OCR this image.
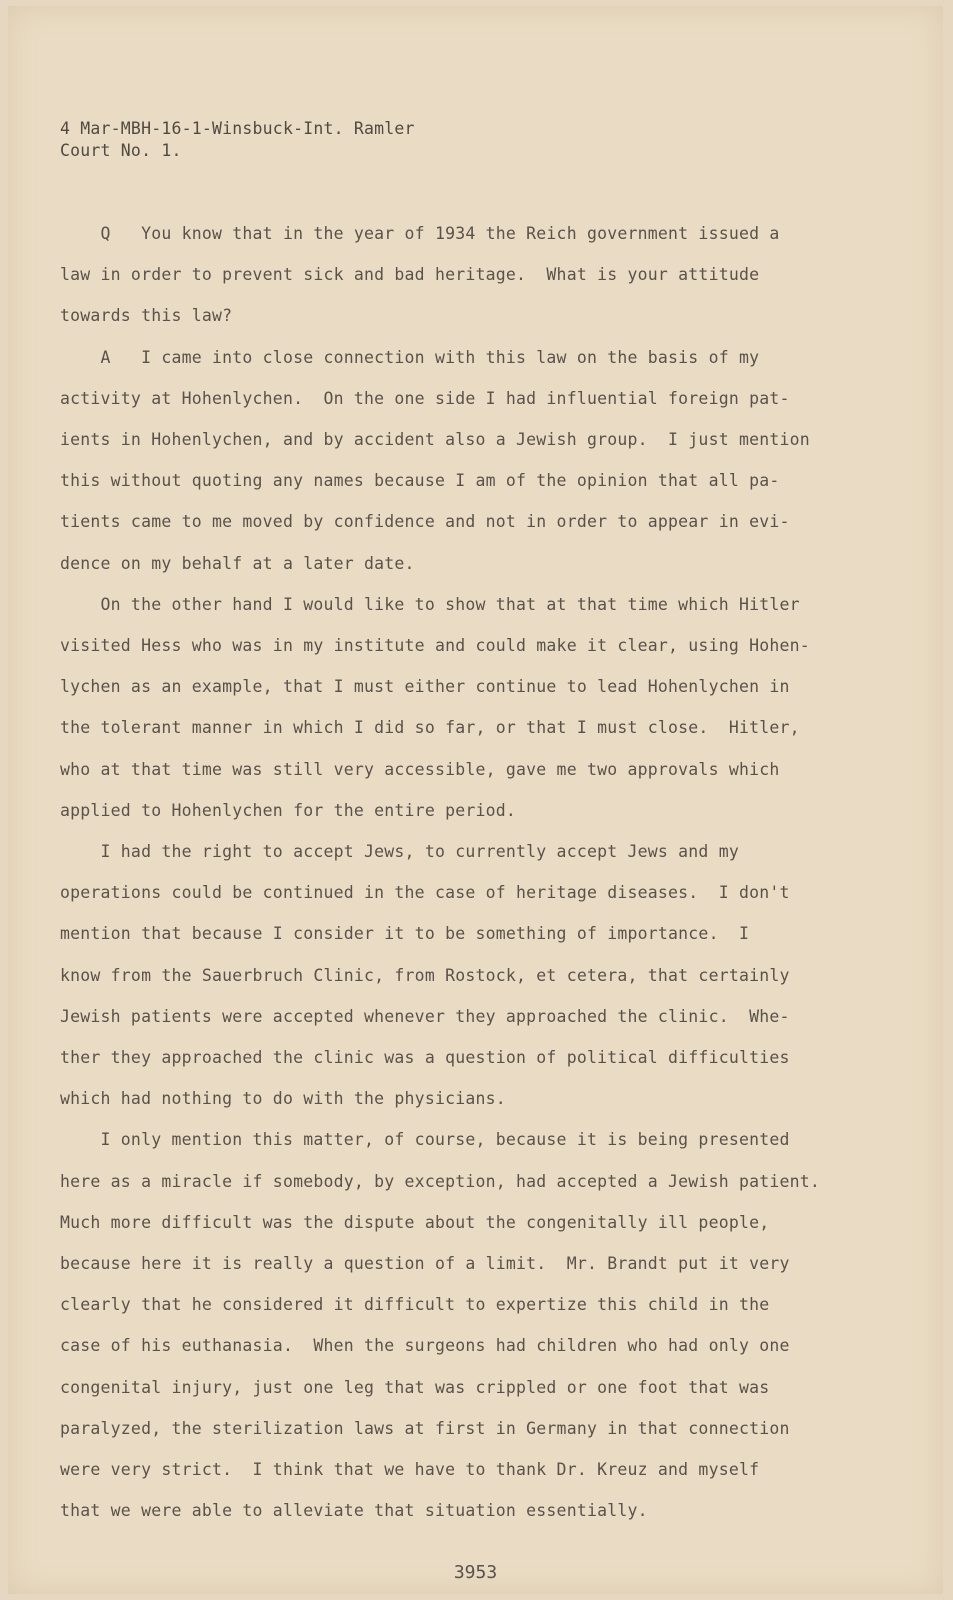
4 Mar-MBH-16-1-Winsbuck-Int. Ramler
Court No. 1.

Q   You know that in the year of 1934 the Reich government issued a

law in order to prevent sick and bad heritage.  What is your attitude

towards this law?

A   I came into close connection with this law on the basis of my

activity at Hohenlychen.  On the one side I had influential foreign pat-

ients in Hohenlychen, and by accident also a Jewish group.  I just mention

this without quoting any names because I am of the opinion that all pa-

tients came to me moved by confidence and not in order to appear in evi-

dence on my behalf at a later date.

On the other hand I would like to show that at that time which Hitler

visited Hess who was in my institute and could make it clear, using Hohen-

lychen as an example, that I must either continue to lead Hohenlychen in

the tolerant manner in which I did so far, or that I must close.  Hitler,

who at that time was still very accessible, gave me two approvals which

applied to Hohenlychen for the entire period.

I had the right to accept Jews, to currently accept Jews and my

operations could be continued in the case of heritage diseases.  I don't

mention that because I consider it to be something of importance.  I

know from the Sauerbruch Clinic, from Rostock, et cetera, that certainly

Jewish patients were accepted whenever they approached the clinic.  Whe-

ther they approached the clinic was a question of political difficulties

which had nothing to do with the physicians.

I only mention this matter, of course, because it is being presented

here as a miracle if somebody, by exception, had accepted a Jewish patient.

Much more difficult was the dispute about the congenitally ill people,

because here it is really a question of a limit.  Mr. Brandt put it very

clearly that he considered it difficult to expertize this child in the

case of his euthanasia.  When the surgeons had children who had only one

congenital injury, just one leg that was crippled or one foot that was

paralyzed, the sterilization laws at first in Germany in that connection

were very strict.  I think that we have to thank Dr. Kreuz and myself

that we were able to alleviate that situation essentially.

3953
